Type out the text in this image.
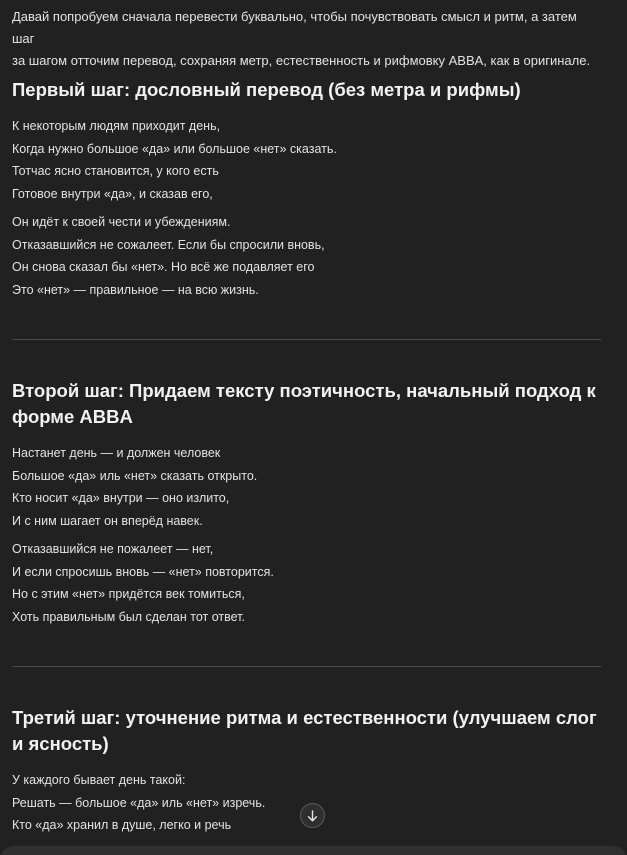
Давай попробуем сначала перевести буквально, чтобы почувствовать смысл и ритм, а затем шаг
за шагом отточим перевод, сохраняя метр, естественность и рифмовку ABBA, как в оригинале.
Первый шаг: дословный перевод (без метра и рифмы)
К некоторым людям приходит день,
Когда нужно большое «да» или большое «нет» сказать.
Тотчас ясно становится, у кого есть
Готовое внутри «да», и сказав его,
Он идёт к своей чести и убеждениям.
Отказавшийся не сожалеет. Если бы спросили вновь,
Он снова сказал бы «нет». Но всё же подавляет его
Это «нет» — правильное — на всю жизнь.
Второй шаг: Придаем тексту поэтичность, начальный подход к
форме ABBA
Настанет день — и должен человек
Большое «да» иль «нет» сказать открыто.
Кто носит «да» внутри — оно излито,
И с ним шагает он вперёд навек.
Отказавшийся не пожалеет — нет,
И если спросишь вновь — «нет» повторится.
Но с этим «нет» придётся век томиться,
Хоть правильным был сделан тот ответ.
Третий шаг: уточнение ритма и естественности (улучшаем слог
и ясность)
У каждого бывает день такой:
Решать — большое «да» иль «нет» изречь.
Кто «да» хранил в душе, легко и речь
